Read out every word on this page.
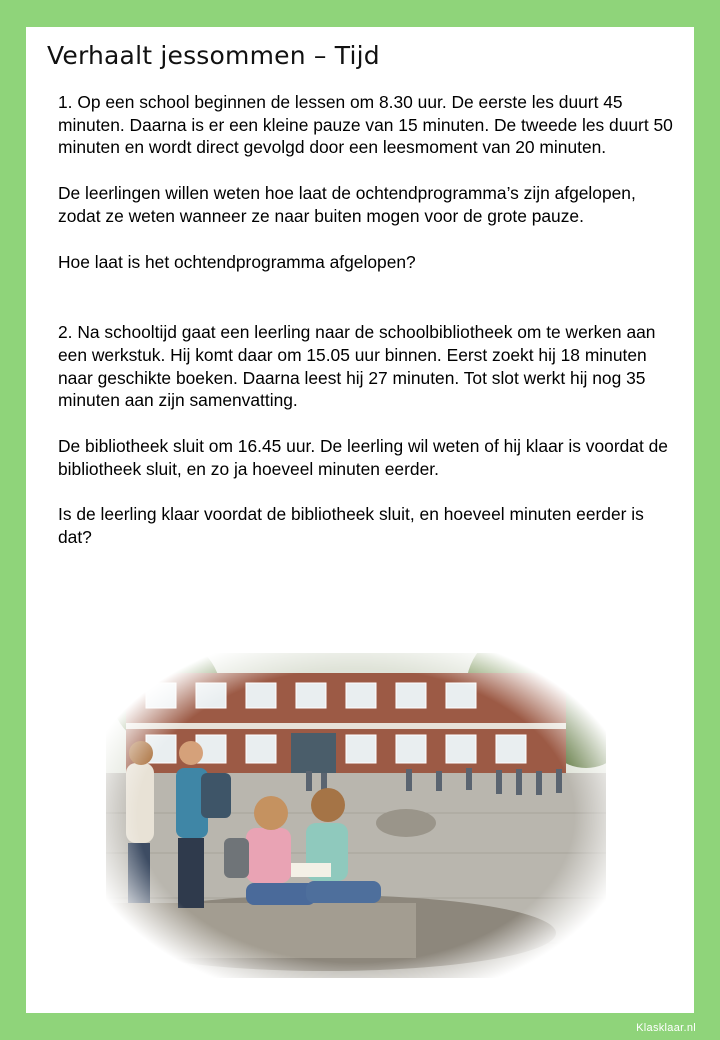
Verhaalt jessommen – Tijd

1. Op een school beginnen de lessen om 8.30 uur. De eerste les duurt 45 minuten. Daarna is er een kleine pauze van 15 minuten. De tweede les duurt 50 minuten en wordt direct gevolgd door een leesmoment van 20 minuten.

De leerlingen willen weten hoe laat de ochtendprogramma’s zijn afgelopen, zodat ze weten wanneer ze naar buiten mogen voor de grote pauze.

Hoe laat is het ochtendprogramma afgelopen?

2. Na schooltijd gaat een leerling naar de schoolbibliotheek om te werken aan een werkstuk. Hij komt daar om 15.05 uur binnen. Eerst zoekt hij 18 minuten naar geschikte boeken. Daarna leest hij 27 minuten. Tot slot werkt hij nog 35 minuten aan zijn samenvatting.

De bibliotheek sluit om 16.45 uur. De leerling wil weten of hij klaar is voordat de bibliotheek sluit, en zo ja hoeveel minuten eerder.

Is de leerling klaar voordat de bibliotheek sluit, en hoeveel minuten eerder is dat?

Klasklaar.nl
